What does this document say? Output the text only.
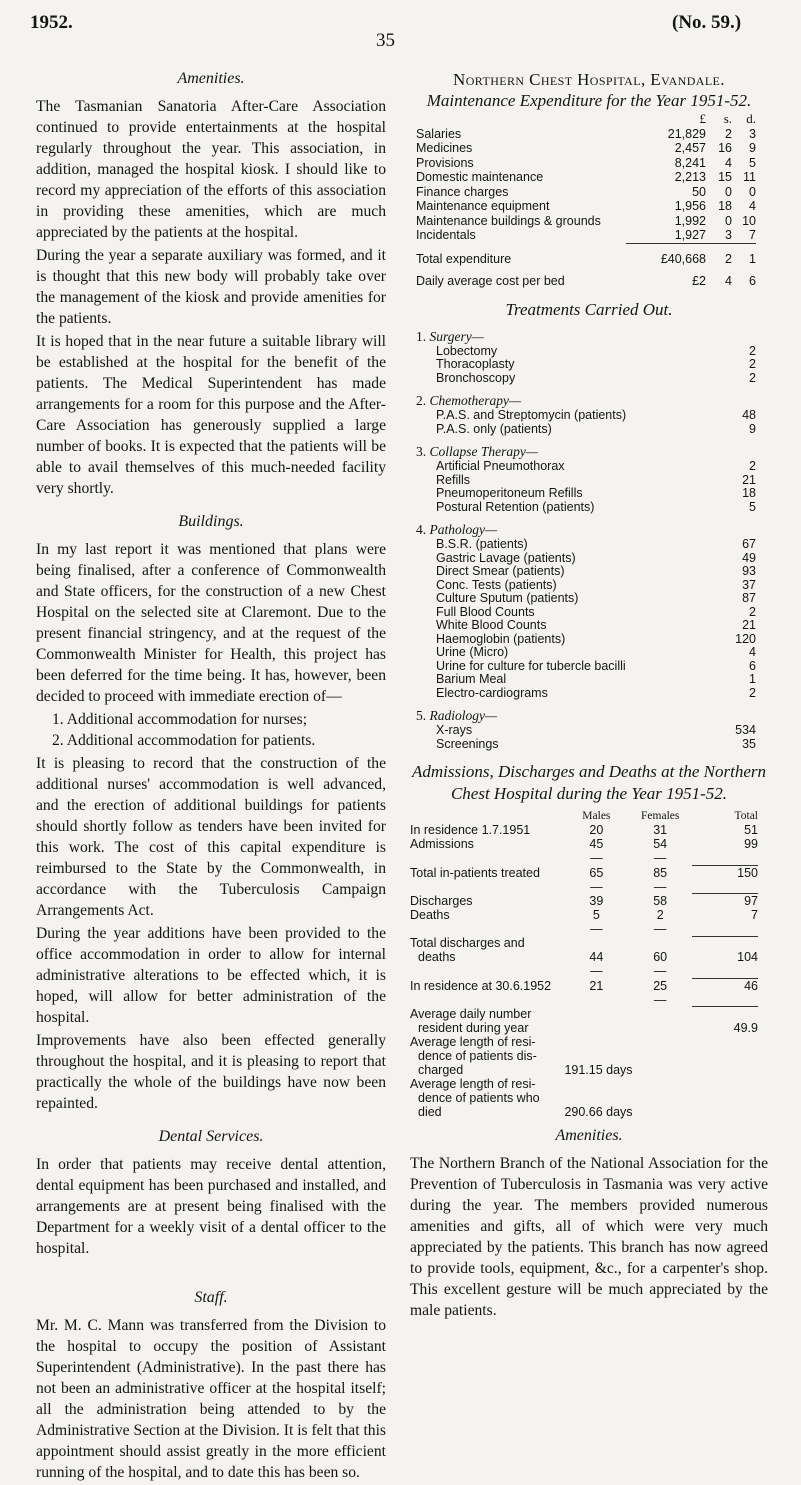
1952.
35
(No. 59.)
Amenities.

The Tasmanian Sanatoria After-Care Association continued to provide entertainments at the hospital regularly throughout the year. This association, in addition, managed the hospital kiosk. I should like to record my appreciation of the efforts of this association in providing these amenities, which are much appreciated by the patients at the hospital.

During the year a separate auxiliary was formed, and it is thought that this new body will probably take over the management of the kiosk and provide amenities for the patients.

It is hoped that in the near future a suitable library will be established at the hospital for the benefit of the patients. The Medical Superintendent has made arrangements for a room for this purpose and the After-Care Association has generously supplied a large number of books. It is expected that the patients will be able to avail themselves of this much-needed facility very shortly.

Buildings.

In my last report it was mentioned that plans were being finalised, after a conference of Commonwealth and State officers, for the construction of a new Chest Hospital on the selected site at Claremont. Due to the present financial stringency, and at the request of the Commonwealth Minister for Health, this project has been deferred for the time being. It has, however, been decided to proceed with immediate erection of—

1. Additional accommodation for nurses;
2. Additional accommodation for patients.

It is pleasing to record that the construction of the additional nurses' accommodation is well advanced, and the erection of additional buildings for patients should shortly follow as tenders have been invited for this work. The cost of this capital expenditure is reimbursed to the State by the Commonwealth, in accordance with the Tuberculosis Campaign Arrangements Act.

During the year additions have been provided to the office accommodation in order to allow for internal administrative alterations to be effected which, it is hoped, will allow for better administration of the hospital.

Improvements have also been effected generally throughout the hospital, and it is pleasing to report that practically the whole of the buildings have now been repainted.

Dental Services.

In order that patients may receive dental attention, dental equipment has been purchased and installed, and arrangements are at present being finalised with the Department for a weekly visit of a dental officer to the hospital.

Staff.

Mr. M. C. Mann was transferred from the Division to the hospital to occupy the position of Assistant Superintendent (Administrative). In the past there has not been an administrative officer at the hospital itself; all the administration being attended to by the Administrative Section at the Division. It is felt that this appointment should assist greatly in the more efficient running of the hospital, and to date this has been so.

Northern Chest Hospital, Evandale.
Maintenance Expenditure for the Year 1951-52.
	£	s.	d.
Salaries	21,829	2	3
Medicines	2,457	16	9
Provisions	8,241	4	5
Domestic maintenance	2,213	15	11
Finance charges	50	0	0
Maintenance equipment	1,956	18	4
Maintenance buildings & grounds	1,992	0	10
Incidentals	1,927	3	7

Total expenditure	£40,668	2	1

Daily average cost per bed	£2	4	6
Treatments Carried Out.
1. Surgery—
Lobectomy	2
Thoracoplasty	2
Bronchoscopy	2
2. Chemotherapy—
P.A.S. and Streptomycin (patients)	48
P.A.S. only (patients)	9
3. Collapse Therapy—
Artificial Pneumothorax	2
Refills	21
Pneumoperitoneum Refills	18
Postural Retention (patients)	5
4. Pathology—
B.S.R. (patients)	67
Gastric Lavage (patients)	49
Direct Smear (patients)	93
Conc. Tests (patients)	37
Culture Sputum (patients)	87
Full Blood Counts	2
White Blood Counts	21
Haemoglobin (patients)	120
Urine (Micro)	4
Urine for culture for tubercle bacilli	6
Barium Meal	1
Electro-cardiograms	2
5. Radiology—
X-rays	534
Screenings	35
Admissions, Discharges and Deaths at the Northern Chest Hospital during the Year 1951-52.
	Males	Females	Total
In residence 1.7.1951	20	31	51
Admissions	45	54	99
	—	—	
Total in-patients treated	65	85	150
	—	—	
Discharges	39	58	97
Deaths	5	2	7
	—	—	
Total discharges and			
deaths	44	60	104
	—	—	
In residence at 30.6.1952	21	25	46
		—	
Average daily number			
resident during year			49.9
Average length of resi-			
dence of patients dis-			
charged	191.15 days		
Average length of resi-			
dence of patients who			
died	290.66 days		
Amenities.

The Northern Branch of the National Association for the Prevention of Tuberculosis in Tasmania was very active during the year. The members provided numerous amenities and gifts, all of which were very much appreciated by the patients. This branch has now agreed to provide tools, equipment, &c., for a carpenter's shop. This excellent gesture will be much appreciated by the male patients.
